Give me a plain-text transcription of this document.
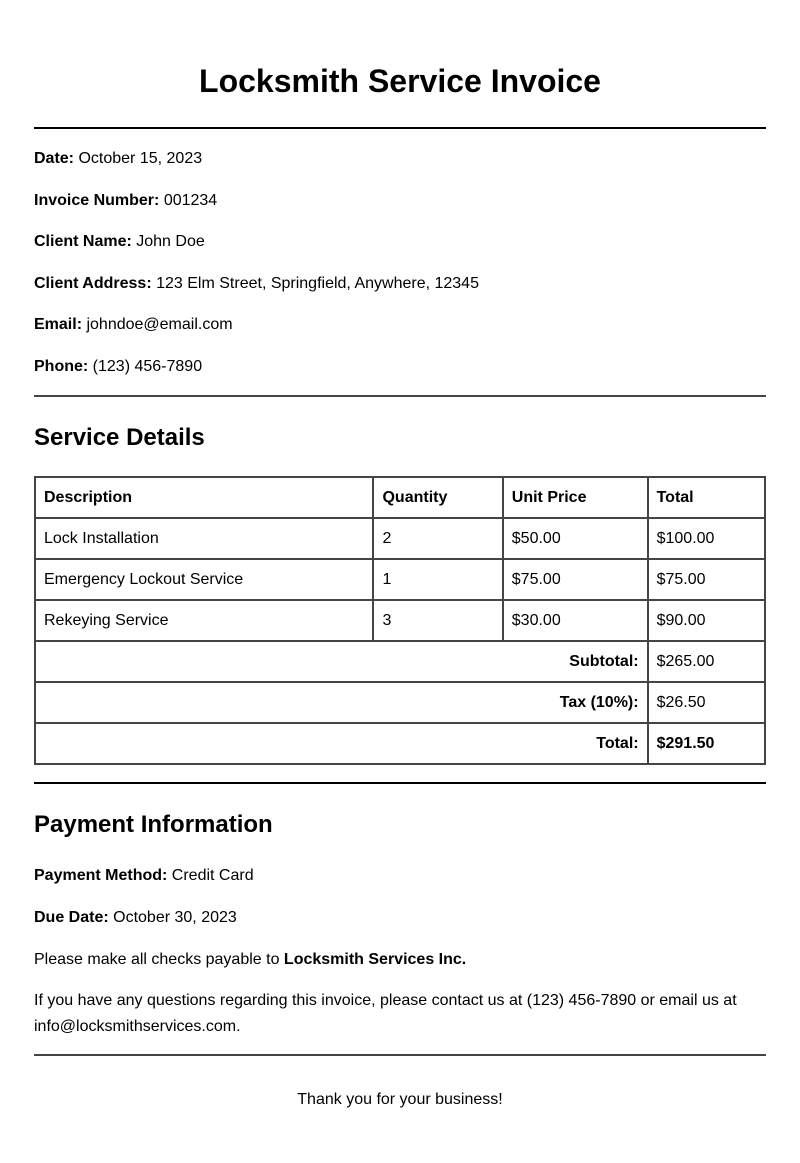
Locksmith Service Invoice
Date: October 15, 2023
Invoice Number: 001234
Client Name: John Doe
Client Address: 123 Elm Street, Springfield, Anywhere, 12345
Email: johndoe@email.com
Phone: (123) 456-7890
Service Details
Description	Quantity	Unit Price	Total
Lock Installation	2	$50.00	$100.00
Emergency Lockout Service	1	$75.00	$75.00
Rekeying Service	3	$30.00	$90.00
Subtotal:			$265.00
Tax (10%):			$26.50
Total:			$291.50
Payment Information
Payment Method: Credit Card
Due Date: October 30, 2023
Please make all checks payable to Locksmith Services Inc.
If you have any questions regarding this invoice, please contact us at (123) 456-7890 or email us at info@locksmithservices.com.
Thank you for your business!
